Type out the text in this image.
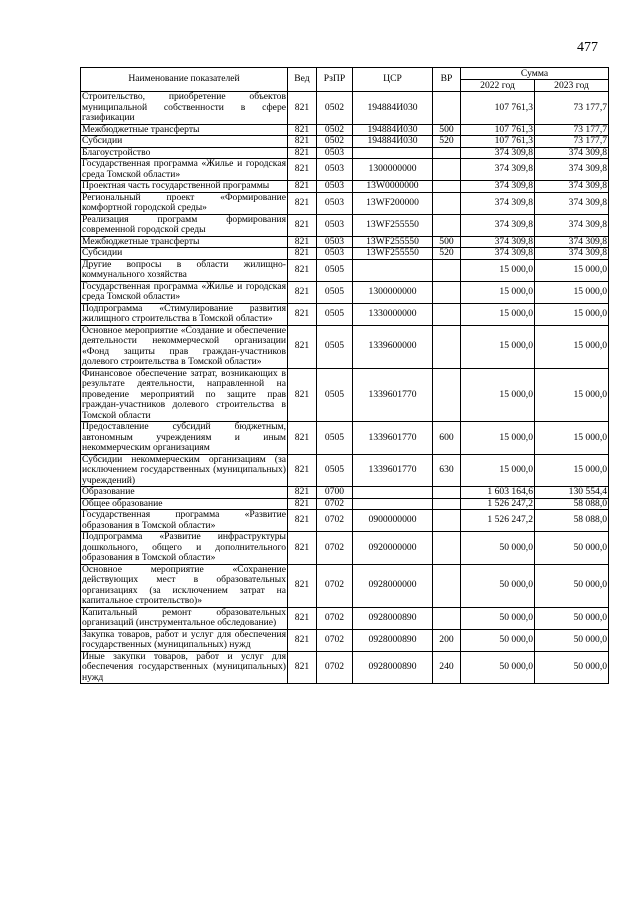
477
Наименование показателей	Вед	РзПР	ЦСР	ВР	Сумма	
					2022 год	2023 год
Строительство, приобретение объектов муниципальной собственности в сфере газификации	821	0502	194884И030		107 761,3	73 177,7
Межбюджетные трансферты	821	0502	194884И030	500	107 761,3	73 177,7
Субсидии	821	0502	194884И030	520	107 761,3	73 177,7
Благоустройство	821	0503			374 309,8	374 309,8
Государственная программа «Жилье и городская среда Томской области»	821	0503	1300000000		374 309,8	374 309,8
Проектная часть государственной программы	821	0503	13W0000000		374 309,8	374 309,8
Региональный проект «Формирование комфортной городской среды»	821	0503	13WF200000		374 309,8	374 309,8
Реализация программ формирования современной городской среды	821	0503	13WF255550		374 309,8	374 309,8
Межбюджетные трансферты	821	0503	13WF255550	500	374 309,8	374 309,8
Субсидии	821	0503	13WF255550	520	374 309,8	374 309,8
Другие вопросы в области жилищно-коммунального хозяйства	821	0505			15 000,0	15 000,0
Государственная программа «Жилье и городская среда Томской области»	821	0505	1300000000		15 000,0	15 000,0
Подпрограмма «Стимулирование развития жилищного строительства в Томской области»	821	0505	1330000000		15 000,0	15 000,0
Основное мероприятие «Создание и обеспечение деятельности некоммерческой организации «Фонд защиты прав граждан-участников долевого строительства в Томской области»	821	0505	1339600000		15 000,0	15 000,0
Финансовое обеспечение затрат, возникающих в результате деятельности, направленной на проведение мероприятий по защите прав граждан-участников долевого строительства в Томской области	821	0505	1339601770		15 000,0	15 000,0
Предоставление субсидий бюджетным, автономным учреждениям и иным некоммерческим организациям	821	0505	1339601770	600	15 000,0	15 000,0
Субсидии некоммерческим организациям (за исключением государственных (муниципальных) учреждений)	821	0505	1339601770	630	15 000,0	15 000,0
Образование	821	0700			1 603 164,6	130 554,4
Общее образование	821	0702			1 526 247,2	58 088,0
Государственная программа «Развитие образования в Томской области»	821	0702	0900000000		1 526 247,2	58 088,0
Подпрограмма «Развитие инфраструктуры дошкольного, общего и дополнительного образования в Томской области»	821	0702	0920000000		50 000,0	50 000,0
Основное мероприятие «Сохранение действующих мест в образовательных организациях (за исключением затрат на капитальное строительство)»	821	0702	0928000000		50 000,0	50 000,0
Капитальный ремонт образовательных организаций (инструментальное обследование)	821	0702	0928000890		50 000,0	50 000,0
Закупка товаров, работ и услуг для обеспечения государственных (муниципальных) нужд	821	0702	0928000890	200	50 000,0	50 000,0
Иные закупки товаров, работ и услуг для обеспечения государственных (муниципальных) нужд	821	0702	0928000890	240	50 000,0	50 000,0
